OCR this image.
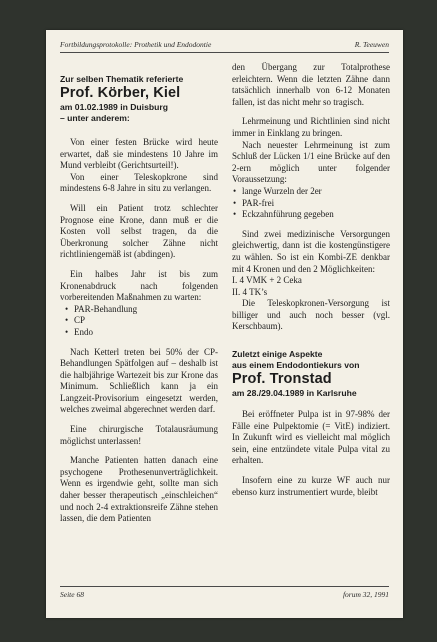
Fortbildungsprotokolle: Prothetik und Endodontie	R. Teeuwen

Zur selben Thematik referierte

Prof. Körber, Kiel

am 01.02.1989 in Duisburg

– unter anderem:

Von einer festen Brücke wird heute erwartet, daß sie mindestens 10 Jahre im Mund verbleibt (Gerichtsurteil!).

Von einer Teleskopkrone sind mindestens 6-8 Jahre in situ zu verlangen.

Will ein Patient trotz schlechter Prognose eine Krone, dann muß er die Kosten voll selbst tragen, da die Überkronung solcher Zähne nicht richtliniengemäß ist (abdingen).

Ein halbes Jahr ist bis zum Kronenabdruck nach folgenden vorbereitenden Maßnahmen zu warten:

• PAR-Behandlung
• CP
• Endo

Nach Ketterl treten bei 50% der CP-Behandlungen Spätfolgen auf – deshalb ist die halbjährige Wartezeit bis zur Krone das Minimum. Schließlich kann ja ein Langzeit-Provisorium eingesetzt werden, welches zweimal abgerechnet werden darf.

Eine chirurgische Totalausräumung möglichst unterlassen!

Manche Patienten hatten danach eine psychogene Prothesenunverträglichkeit. Wenn es irgendwie geht, sollte man sich daher besser therapeutisch „einschleichen“ und noch 2-4 extraktionsreife Zähne stehen lassen, die dem Patienten

den Übergang zur Totalprothese erleichtern. Wenn die letzten Zähne dann tatsächlich innerhalb von 6-12 Monaten fallen, ist das nicht mehr so tragisch.

Lehrmeinung und Richtlinien sind nicht immer in Einklang zu bringen.

Nach neuester Lehrmeinung ist zum Schluß der Lücken 1/1 eine Brücke auf den 2-ern möglich unter folgender Voraussetzung:

• lange Wurzeln der 2er
• PAR-frei
• Eckzahnführung gegeben

Sind zwei medizinische Versorgungen gleichwertig, dann ist die kostengünstigere zu wählen. So ist ein Kombi-ZE denkbar mit 4 Kronen und den 2 Möglichkeiten:

I. 4 VMK + 2 Ceka

II. 4 TK’s

Die Teleskopkronen-Versorgung ist billiger und auch noch besser (vgl. Kerschbaum).

Zuletzt einige Aspekte

aus einem Endodontiekurs von

Prof. Tronstad

am 28./29.04.1989 in Karlsruhe

Bei eröffneter Pulpa ist in 97-98% der Fälle eine Pulpektomie (= VitE) indiziert. In Zukunft wird es vielleicht mal möglich sein, eine entzündete vitale Pulpa vital zu erhalten.

Insofern eine zu kurze WF auch nur ebenso kurz instrumentiert wurde, bleibt

Seite 68	forum 32, 1991
